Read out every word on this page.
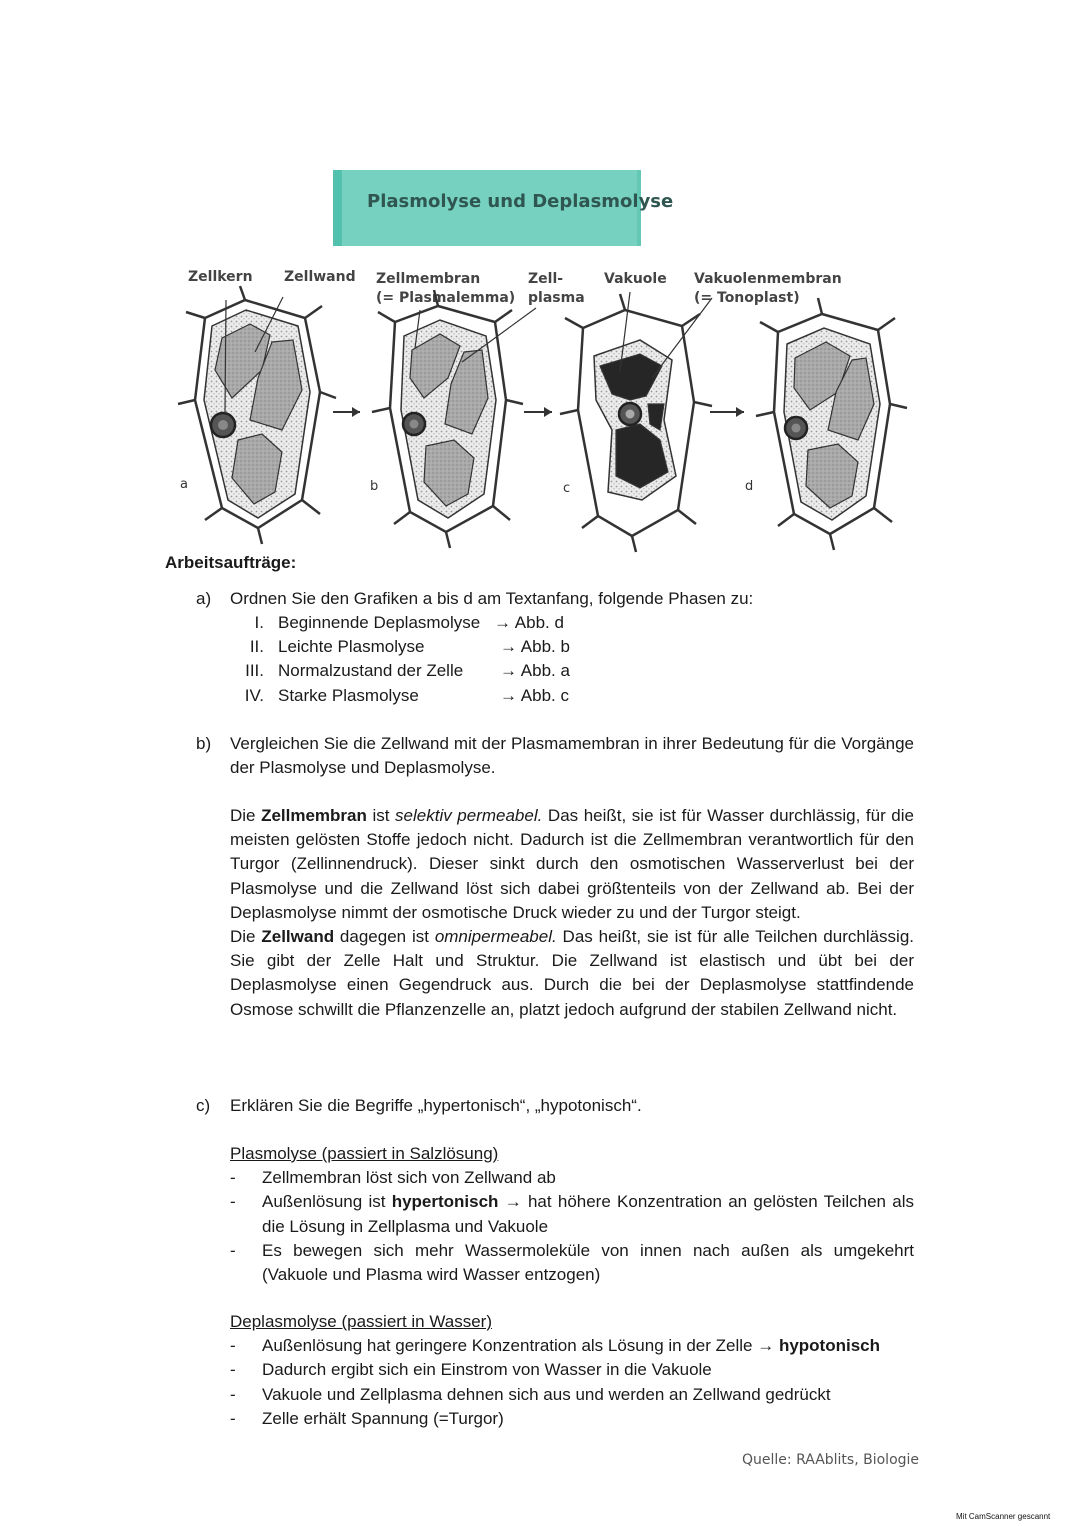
Plasmolyse und Deplasmolyse
Zellkern Zellwand Zellmembran
(= Plasmalemma)
Zell-
plasma
Vakuole Vakuolenmembran
(= Tonoplast)
a	b	c	d
Arbeitsaufträge:
a) Ordnen Sie den Grafiken a bis d am Textanfang, folgende Phasen zu:
I. Beginnende Deplasmolyse → Abb. d
II. Leichte Plasmolyse	→ Abb. b
III. Normalzustand der Zelle → Abb. a
IV. Starke Plasmolyse	→ Abb. c
b) Vergleichen Sie die Zellwand mit der Plasmamembran in ihrer Bedeutung für die Vorgänge der Plasmolyse und Deplasmolyse.
Die Zellmembran ist selektiv permeabel. Das heißt, sie ist für Wasser durchlässig, für die meisten gelösten Stoffe jedoch nicht. Dadurch ist die Zellmembran verantwortlich für den Turgor (Zellinnendruck). Dieser sinkt durch den osmotischen Wasserverlust bei der Plasmolyse und die Zellwand löst sich dabei größtenteils von der Zellwand ab. Bei der Deplasmolyse nimmt der osmotische Druck wieder zu und der Turgor steigt.
Die Zellwand dagegen ist omnipermeabel. Das heißt, sie ist für alle Teilchen durchlässig. Sie gibt der Zelle Halt und Struktur. Die Zellwand ist elastisch und übt bei der Deplasmolyse einen Gegendruck aus. Durch die bei der Deplasmolyse stattfindende Osmose schwillt die Pflanzenzelle an, platzt jedoch aufgrund der stabilen Zellwand nicht.
c) Erklären Sie die Begriffe „hypertonisch“, „hypotonisch“.
Plasmolyse (passiert in Salzlösung)
- Zellmembran löst sich von Zellwand ab
- Außenlösung ist hypertonisch → hat höhere Konzentration an gelösten Teilchen als die Lösung in Zellplasma und Vakuole
- Es bewegen sich mehr Wassermoleküle von innen nach außen als umgekehrt (Vakuole und Plasma wird Wasser entzogen)
Deplasmolyse (passiert in Wasser)
- Außenlösung hat geringere Konzentration als Lösung in der Zelle → hypotonisch
- Dadurch ergibt sich ein Einstrom von Wasser in die Vakuole
- Vakuole und Zellplasma dehnen sich aus und werden an Zellwand gedrückt
- Zelle erhält Spannung (=Turgor)
Quelle: RAAblits, Biologie
Mit CamScanner gescannt
